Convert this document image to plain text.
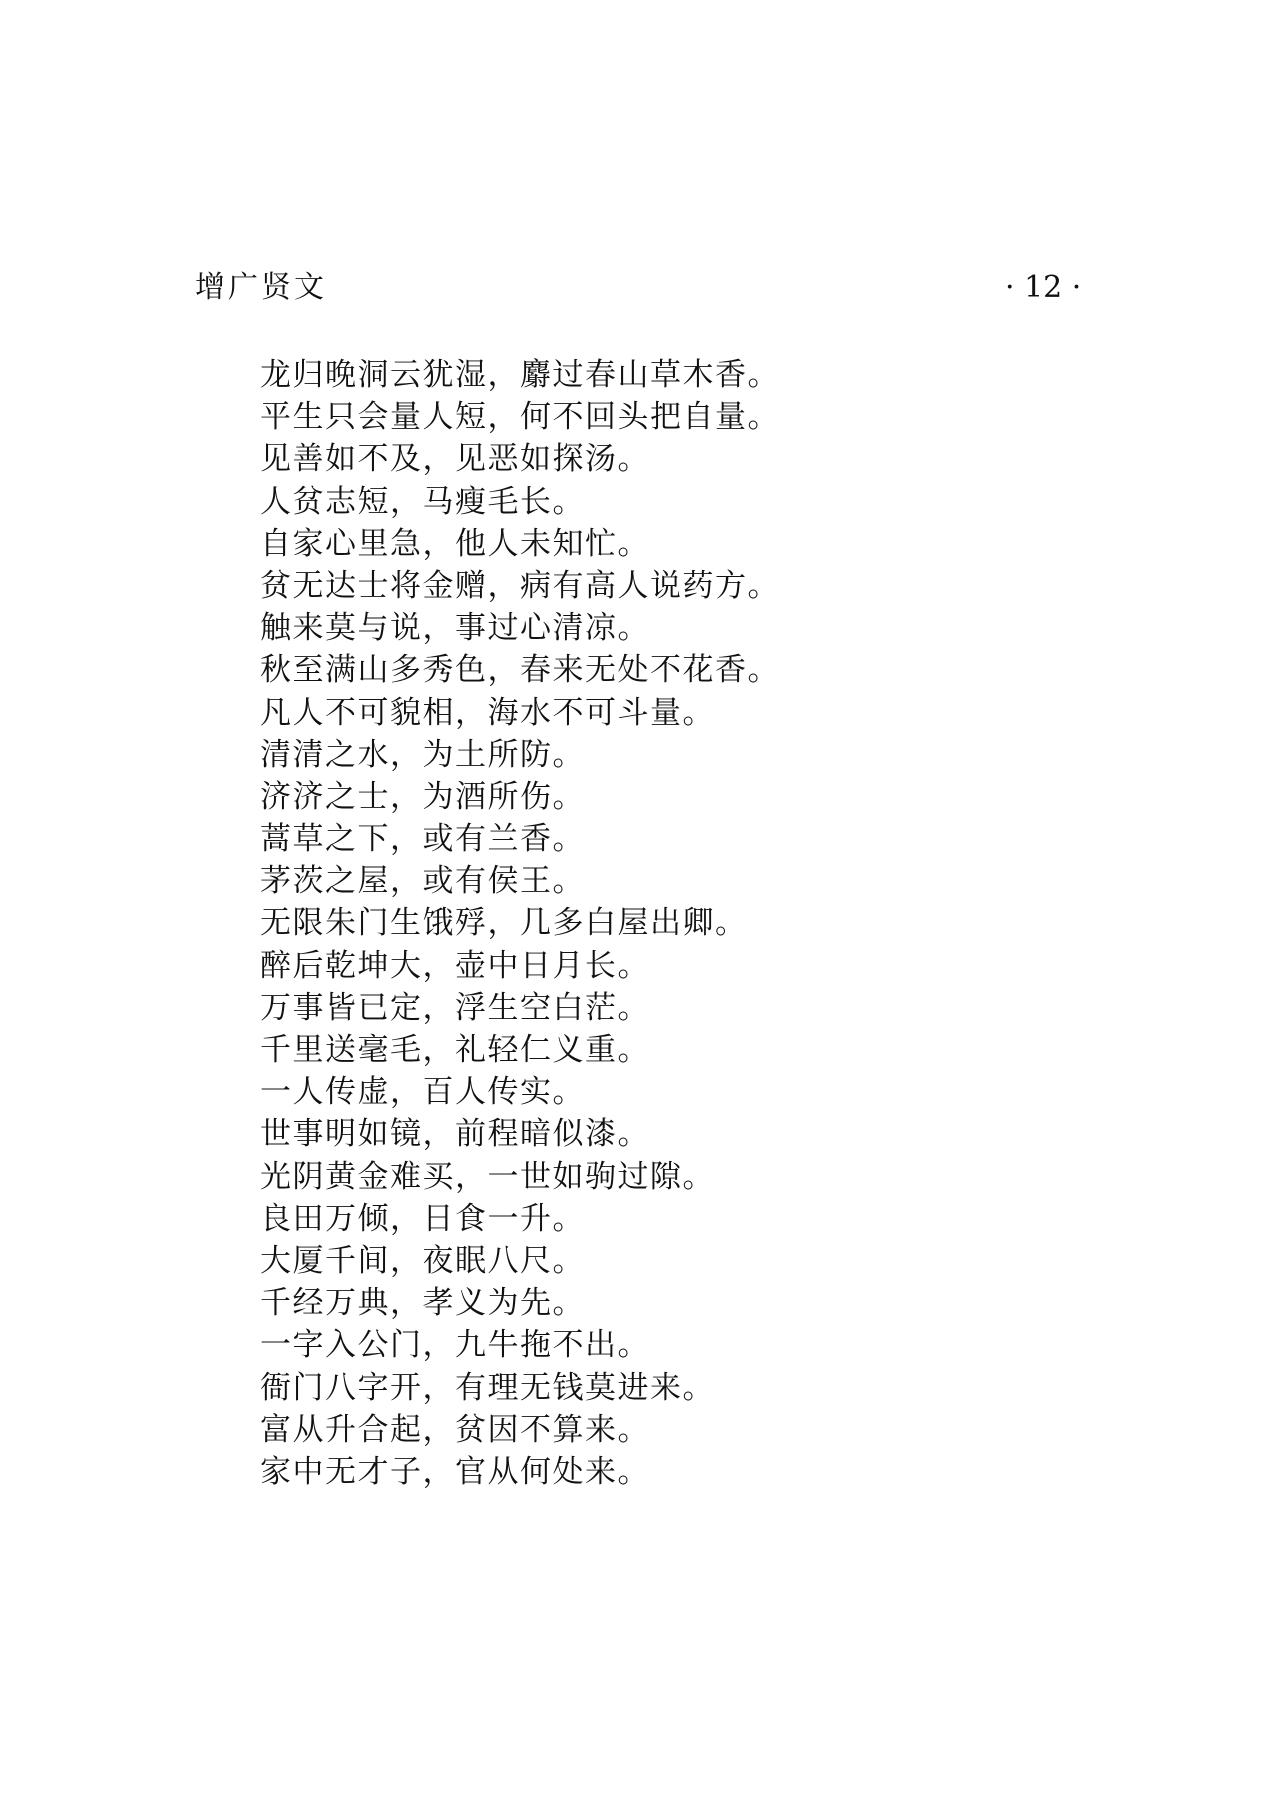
增广贤文	· 12 ·
龙归晚洞云犹湿，麝过春山草木香。
平生只会量人短，何不回头把自量。
见善如不及，见恶如探汤。
人贫志短，马瘦毛长。
自家心里急，他人未知忙。
贫无达士将金赠，病有高人说药方。
触来莫与说，事过心清凉。
秋至满山多秀色，春来无处不花香。
凡人不可貌相，海水不可斗量。
清清之水，为土所防。
济济之士，为酒所伤。
蒿草之下，或有兰香。
茅茨之屋，或有侯王。
无限朱门生饿殍，几多白屋出卿。
醉后乾坤大，壶中日月长。
万事皆已定，浮生空白茫。
千里送毫毛，礼轻仁义重。
一人传虚，百人传实。
世事明如镜，前程暗似漆。
光阴黄金难买，一世如驹过隙。
良田万倾，日食一升。
大厦千间，夜眠八尺。
千经万典，孝义为先。
一字入公门，九牛拖不出。
衙门八字开，有理无钱莫进来。
富从升合起，贫因不算来。
家中无才子，官从何处来。
